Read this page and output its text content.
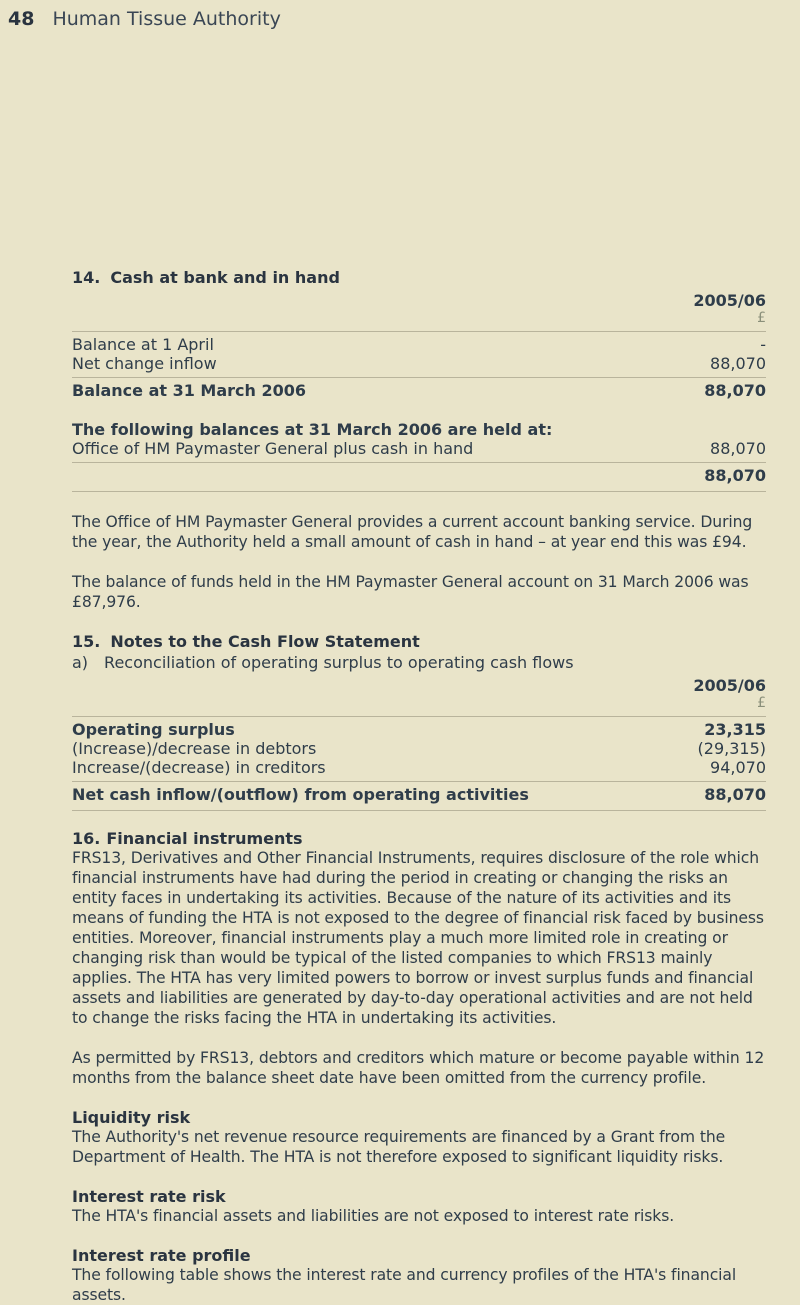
48 Human Tissue Authority
14. Cash at bank and in hand
2005/06
£
Balance at 1 April	-
Net change inflow	88,070
Balance at 31 March 2006	88,070
The following balances at 31 March 2006 are held at:
Office of HM Paymaster General plus cash in hand	88,070
88,070
The Office of HM Paymaster General provides a current account banking service. During the year, the Authority held a small amount of cash in hand – at year end this was £94.
The balance of funds held in the HM Paymaster General account on 31 March 2006 was £87,976.
15. Notes to the Cash Flow Statement
a) Reconciliation of operating surplus to operating cash flows
2005/06
£
Operating surplus	23,315
(Increase)/decrease in debtors	(29,315)
Increase/(decrease) in creditors	94,070
Net cash inflow/(outflow) from operating activities	88,070
16. Financial instruments
FRS13, Derivatives and Other Financial Instruments, requires disclosure of the role which financial instruments have had during the period in creating or changing the risks an entity faces in undertaking its activities. Because of the nature of its activities and its means of funding the HTA is not exposed to the degree of financial risk faced by business entities. Moreover, financial instruments play a much more limited role in creating or changing risk than would be typical of the listed companies to which FRS13 mainly applies. The HTA has very limited powers to borrow or invest surplus funds and financial assets and liabilities are generated by day-to-day operational activities and are not held to change the risks facing the HTA in undertaking its activities.
As permitted by FRS13, debtors and creditors which mature or become payable within 12 months from the balance sheet date have been omitted from the currency profile.
Liquidity risk
The Authority's net revenue resource requirements are financed by a Grant from the Department of Health. The HTA is not therefore exposed to significant liquidity risks.
Interest rate risk
The HTA's financial assets and liabilities are not exposed to interest rate risks.
Interest rate profile
The following table shows the interest rate and currency profiles of the HTA's financial assets.
